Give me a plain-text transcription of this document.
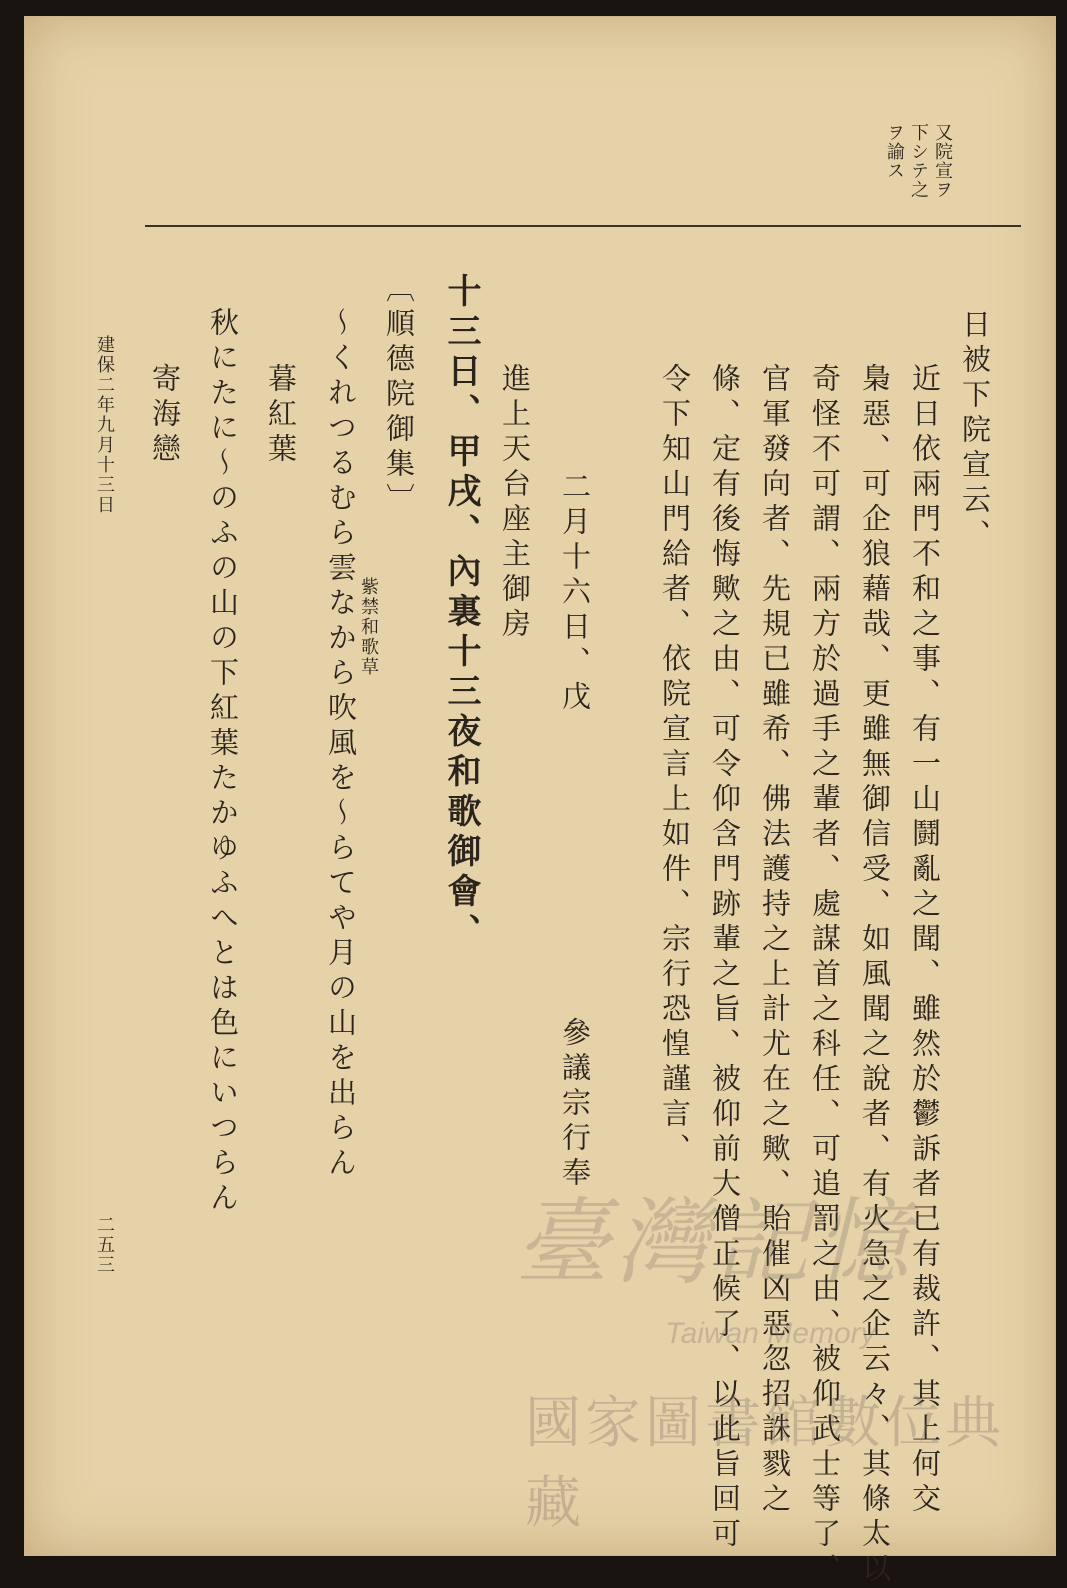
又院宣ヲ
下シテ之
ヲ諭ス
日被下院宣云、
近日依兩門不和之事、有一山鬪亂之聞、雖然於鬱訴者已有裁許、其上何交
梟惡、可企狼藉哉、更雖無御信受、如風聞之說者、有火急之企云々、其條太以
奇怪不可謂、兩方於過手之輩者、處謀首之科任、可追罰之由、被仰武士等了、
官軍發向者、先規已雖希、佛法護持之上計尤在之歟、貽催凶惡忽招誅戮之
條、定有後悔歟之由、可令仰含門跡輩之旨、被仰前大僧正候了、以此旨回可
令下知山門給者、依院宣言上如件、宗行恐惶謹言、
二月十六日、戊
參議宗行奉
進上天台座主御房
十三日、甲戌、內裏十三夜和歌御會、
〔順德院御集〕
紫禁和歌草
〜くれつるむら雲なから吹風を〜らてや月の山を出らん
暮紅葉
秋にたに〜のふの山の下紅葉たかゆふへとは色にいつらん
寄海戀
建保二年九月十三日
二五三	臺灣記憶
Taiwan Memory
國家圖書館數位典藏
